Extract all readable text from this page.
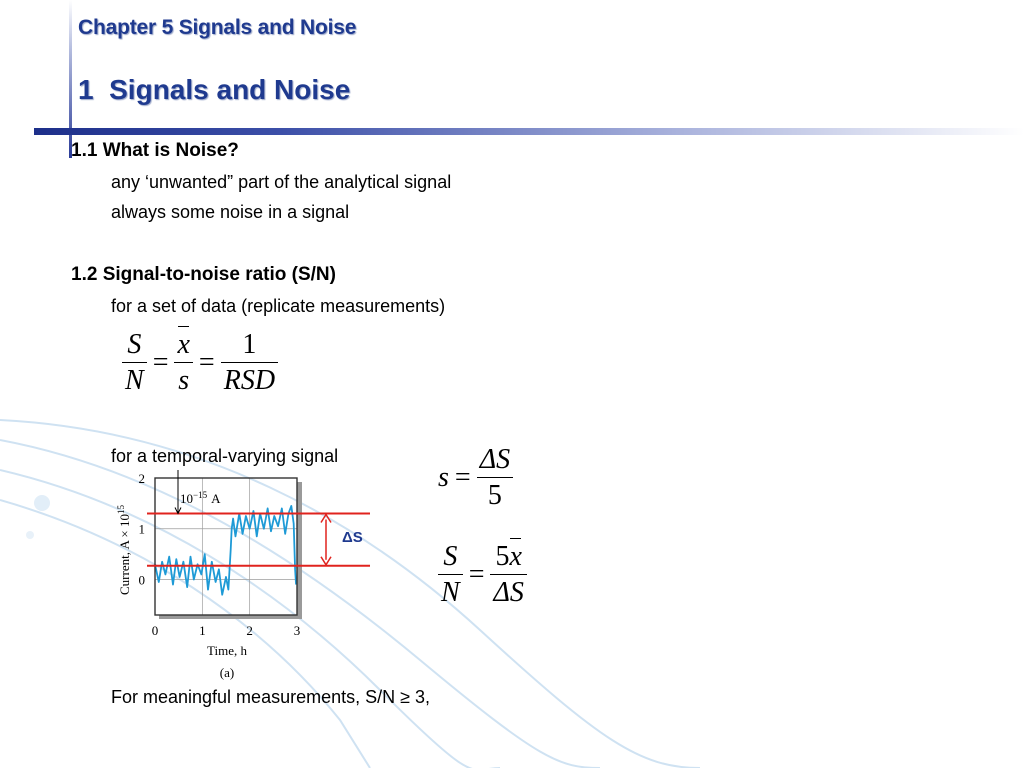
Chapter 5 Signals and Noise
1  Signals and Noise
1.1 What is Noise?
any ‘unwanted” part of the analytical signal
always some noise in a signal
1.2 Signal-to-noise ratio (S/N)
for a set of data (replicate measurements)
$\frac{S}{N} = \frac{x}{s} = \frac{1}{\text{RSD}}$
for a temporal-varying signal
$s = \frac{\Delta S}{5}$
$\frac{S}{N} = \frac{5x}{\Delta S}$
Current, $A \times 10^{15}$
Time, h
(a)
$10^{-15}$ A
0	1	2	3
0
1
2
ΔS
For meaningful measurements, S/N ≥ 3,
